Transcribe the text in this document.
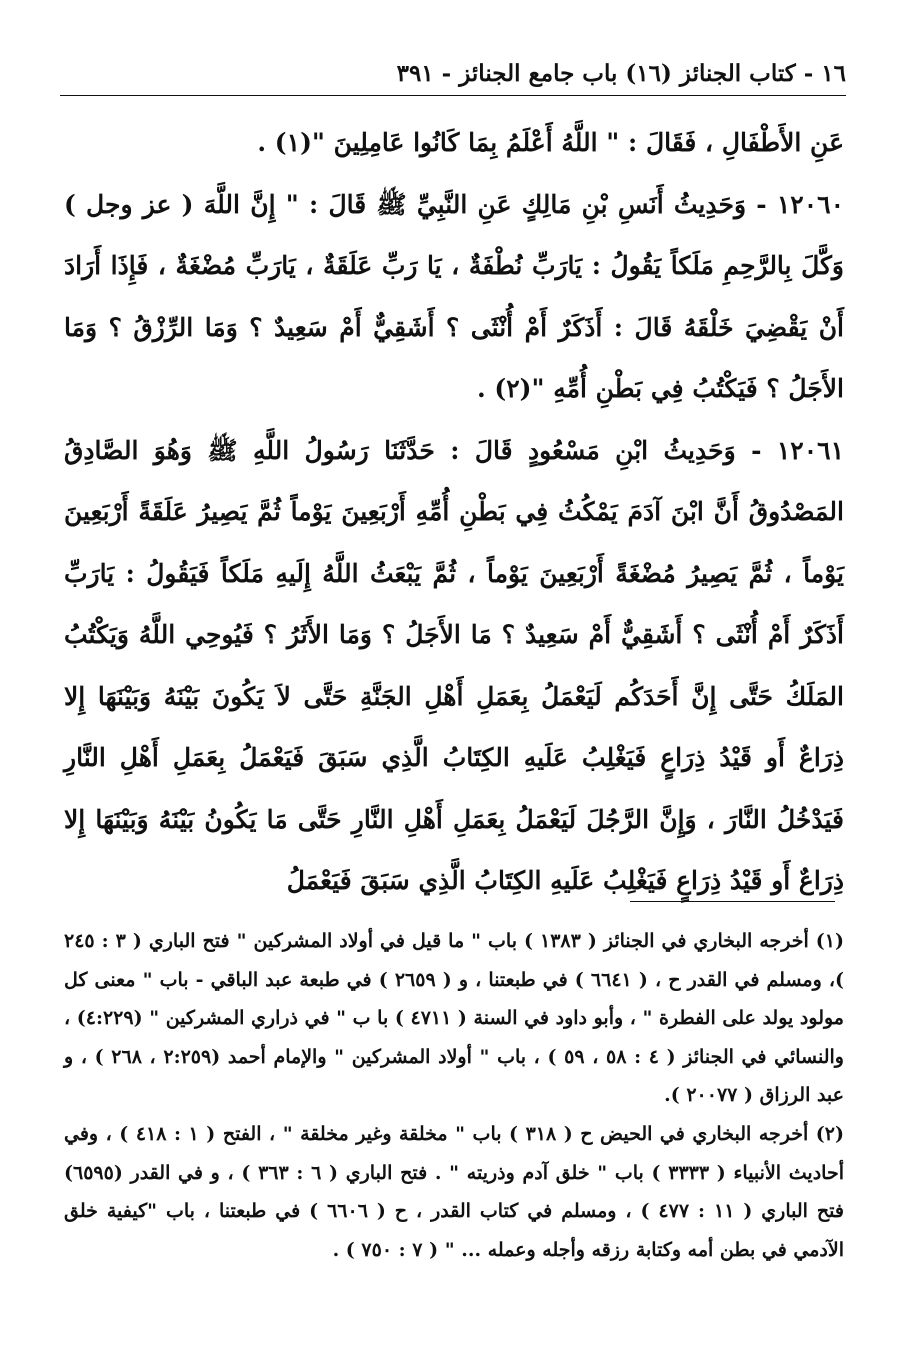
١٦ - كتاب الجنائز (١٦) باب جامع الجنائز - ٣٩١

عَنِ الأَطْفَالِ ، فَقَالَ : " اللَّهُ أَعْلَمُ بِمَا كَانُوا عَامِلِينَ "(١) .

١٢٠٦٠ - وَحَدِيثُ أَنَسِ بْنِ مَالِكٍ عَنِ النَّبِيِّ ﷺ قَالَ : " إِنَّ اللَّهَ ( عز وجل ) وَكَّلَ بِالرَّحِمِ مَلَكاً يَقُولُ : يَارَبِّ نُطْفَةٌ ، يَا رَبِّ عَلَقَةٌ ، يَارَبِّ مُضْغَةٌ ، فَإِذَا أَرَادَ أَنْ يَقْضِيَ خَلْقَهُ قَالَ : أَذَكَرٌ أَمْ أُنْثَى ؟ أَشَقِيٌّ أَمْ سَعِيدٌ ؟ وَمَا الرِّزْقُ ؟ وَمَا الأَجَلُ ؟ فَيَكْتُبُ فِي بَطْنِ أُمِّهِ "(٢) .

١٢٠٦١ - وَحَدِيثُ ابْنِ مَسْعُودٍ قَالَ : حَدَّثَنَا رَسُولُ اللَّهِ ﷺ وَهُوَ الصَّادِقُ المَصْدُوقُ أَنَّ ابْنَ آدَمَ يَمْكُثُ فِي بَطْنِ أُمِّهِ أَرْبَعِينَ يَوْماً ثُمَّ يَصِيرُ عَلَقَةً أَرْبَعِينَ يَوْماً ، ثُمَّ يَصِيرُ مُضْغَةً أَرْبَعِينَ يَوْماً ، ثُمَّ يَبْعَثُ اللَّهُ إِلَيهِ مَلَكاً فَيَقُولُ : يَارَبِّ أَذَكَرٌ أَمْ أُنْثَى ؟ أَشَقِيٌّ أَمْ سَعِيدٌ ؟ مَا الأَجَلُ ؟ وَمَا الأَثَرُ ؟ فَيُوحِي اللَّهُ وَيَكْتُبُ المَلَكُ حَتَّى إِنَّ أَحَدَكُم لَيَعْمَلُ بِعَمَلِ أَهْلِ الجَنَّةِ حَتَّى لاَ يَكُونَ بَيْنَهُ وَبَيْنَهَا إِلا ذِرَاعٌ أَو قَيْدُ ذِرَاعٍ فَيَغْلِبُ عَلَيهِ الكِتَابُ الَّذِي سَبَقَ فَيَعْمَلُ بِعَمَلِ أَهْلِ النَّارِ فَيَدْخُلُ النَّارَ ، وَإِنَّ الرَّجُلَ لَيَعْمَلُ بِعَمَلِ أَهْلِ النَّارِ حَتَّى مَا يَكُونُ بَيْنَهُ وَبَيْنَهَا إِلا ذِرَاعٌ أَو قَيْدُ ذِرَاعٍ فَيَغْلِبُ عَلَيهِ الكِتَابُ الَّذِي سَبَقَ فَيَعْمَلُ

(١) أخرجه البخاري في الجنائز ( ١٣٨٣ ) باب " ما قيل في أولاد المشركين " فتح الباري ( ٣ : ٢٤٥ )، ومسلم في القدر ح ، ( ٦٦٤١ ) في طبعتنا ، و ( ٢٦٥٩ ) في طبعة عبد الباقي - باب " معنى كل مولود يولد على الفطرة " ، وأبو داود في السنة ( ٤٧١١ ) با ب " في ذراري المشركين " (٤:٢٢٩) ، والنسائي في الجنائز ( ٤ : ٥٨ ، ٥٩ ) ، باب " أولاد المشركين " والإمام أحمد (٢:٢٥٩ ، ٢٦٨ ) ، و عبد الرزاق ( ٢٠٠٧٧ ).

(٢) أخرجه البخاري في الحيض ح ( ٣١٨ ) باب " مخلقة وغير مخلقة " ، الفتح ( ١ : ٤١٨ ) ، وفي أحاديث الأنبياء ( ٣٣٣٣ ) باب " خلق آدم وذريته " . فتح الباري ( ٦ : ٣٦٣ ) ، و في القدر (٦٥٩٥) فتح الباري ( ١١ : ٤٧٧ ) ، ومسلم في كتاب القدر ، ح ( ٦٦٠٦ ) في طبعتنا ، باب "كيفية خلق الآدمي في بطن أمه وكتابة رزقه وأجله وعمله ... " ( ٧ : ٧٥٠ ) .
